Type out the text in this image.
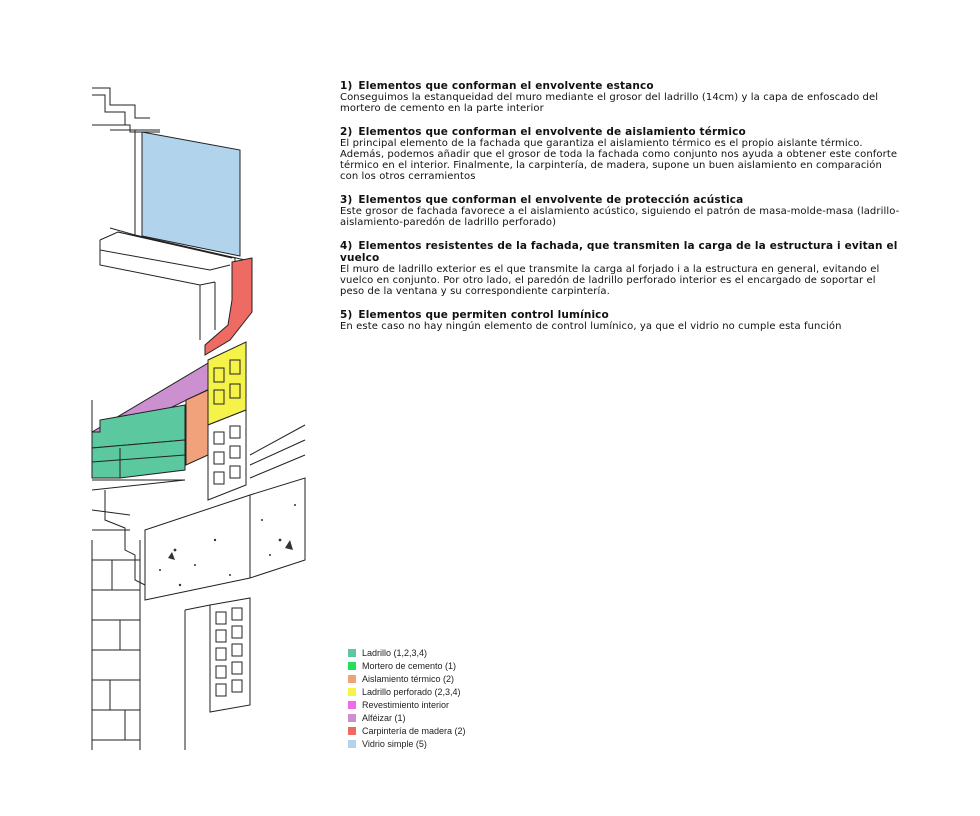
1) Elementos que conforman el envolvente estanco
Conseguimos la estanqueidad del muro mediante el grosor del ladrillo (14cm) y la capa de enfoscado del mortero de cemento en la parte interior
2) Elementos que conforman el envolvente de aislamiento térmico
El principal elemento de la fachada que garantiza el aislamiento térmico es el propio aislante térmico. Además, podemos añadir que el grosor de toda la fachada como conjunto nos ayuda a obtener este conforte térmico en el interior. Finalmente, la carpintería, de madera, supone un buen aislamiento en comparación con los otros cerramientos
3) Elementos que conforman el envolvente de protección acústica
Este grosor de fachada favorece a el aislamiento acústico, siguiendo el patrón de masa-molde-masa (ladrillo-aislamiento-paredón de ladrillo perforado)
4) Elementos resistentes de la fachada, que transmiten la carga de la estructura i evitan el vuelco
El muro de ladrillo exterior es el que transmite la carga al forjado i a la estructura en general, evitando el vuelco en conjunto. Por otro lado, el paredón de ladrillo perforado interior es el encargado de soportar el peso de la ventana y su correspondiente carpintería.
5) Elementos que permiten control lumínico
En este caso no hay ningún elemento de control lumínico, ya que el vidrio no cumple esta función
Ladrillo (1,2,3,4)
Mortero de cemento (1)
Aislamiento térmico (2)
Ladrillo perforado (2,3,4)
Revestimiento interior
Alféizar (1)
Carpintería de madera (2)
Vidrio simple (5)
